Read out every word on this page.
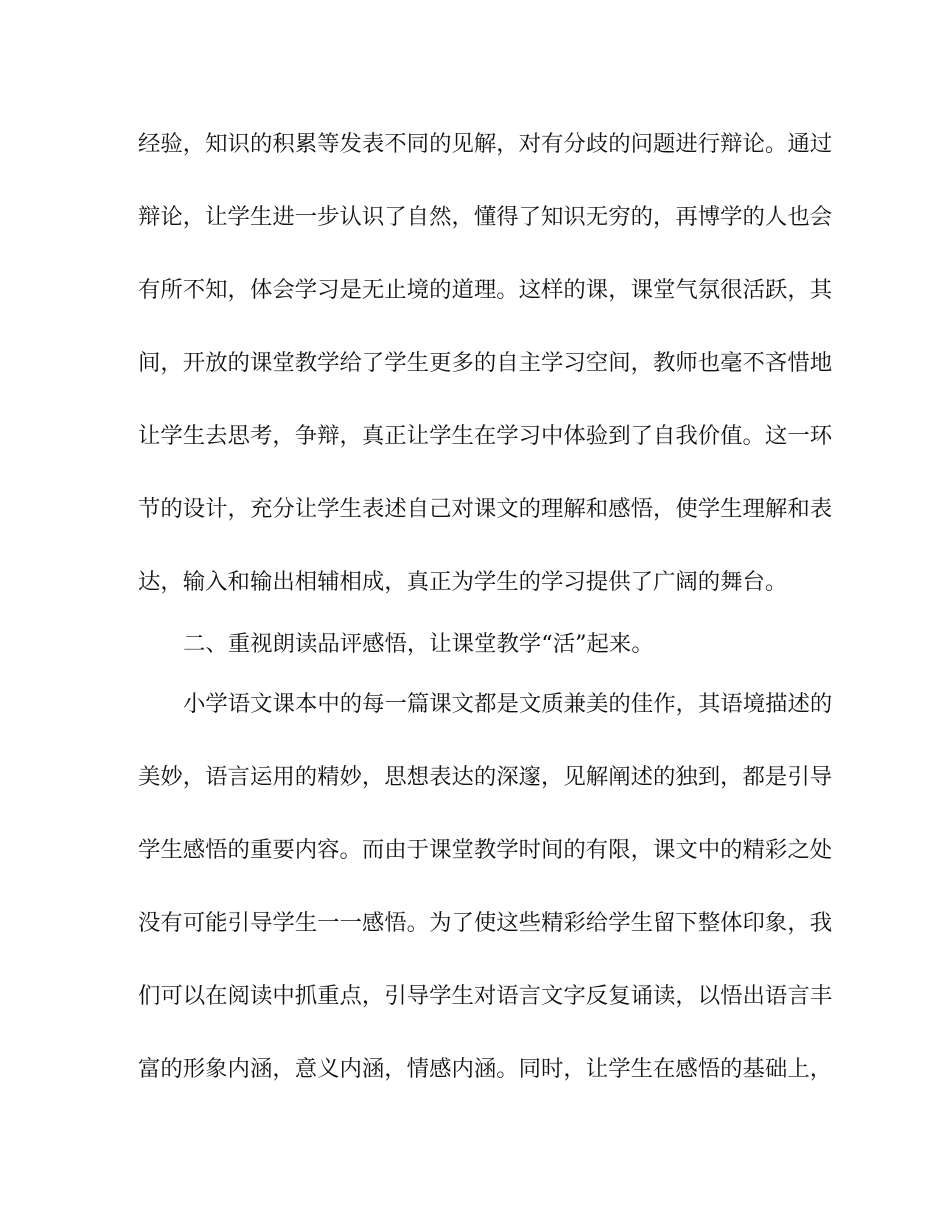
经验，知识的积累等发表不同的见解，对有分歧的问题进行辩论。通过
辩论，让学生进一步认识了自然，懂得了知识无穷的，再博学的人也会
有所不知，体会学习是无止境的道理。这样的课，课堂气氛很活跃，其
间，开放的课堂教学给了学生更多的自主学习空间，教师也毫不吝惜地
让学生去思考，争辩，真正让学生在学习中体验到了自我价值。这一环
节的设计，充分让学生表述自己对课文的理解和感悟，使学生理解和表
达，输入和输出相辅相成，真正为学生的学习提供了广阔的舞台。
二、重视朗读品评感悟，让课堂教学“活”起来。
小学语文课本中的每一篇课文都是文质兼美的佳作，其语境描述的
美妙，语言运用的精妙，思想表达的深邃，见解阐述的独到，都是引导
学生感悟的重要内容。而由于课堂教学时间的有限，课文中的精彩之处
没有可能引导学生一一感悟。为了使这些精彩给学生留下整体印象，我
们可以在阅读中抓重点，引导学生对语言文字反复诵读，以悟出语言丰
富的形象内涵，意义内涵，情感内涵。同时，让学生在感悟的基础上，
